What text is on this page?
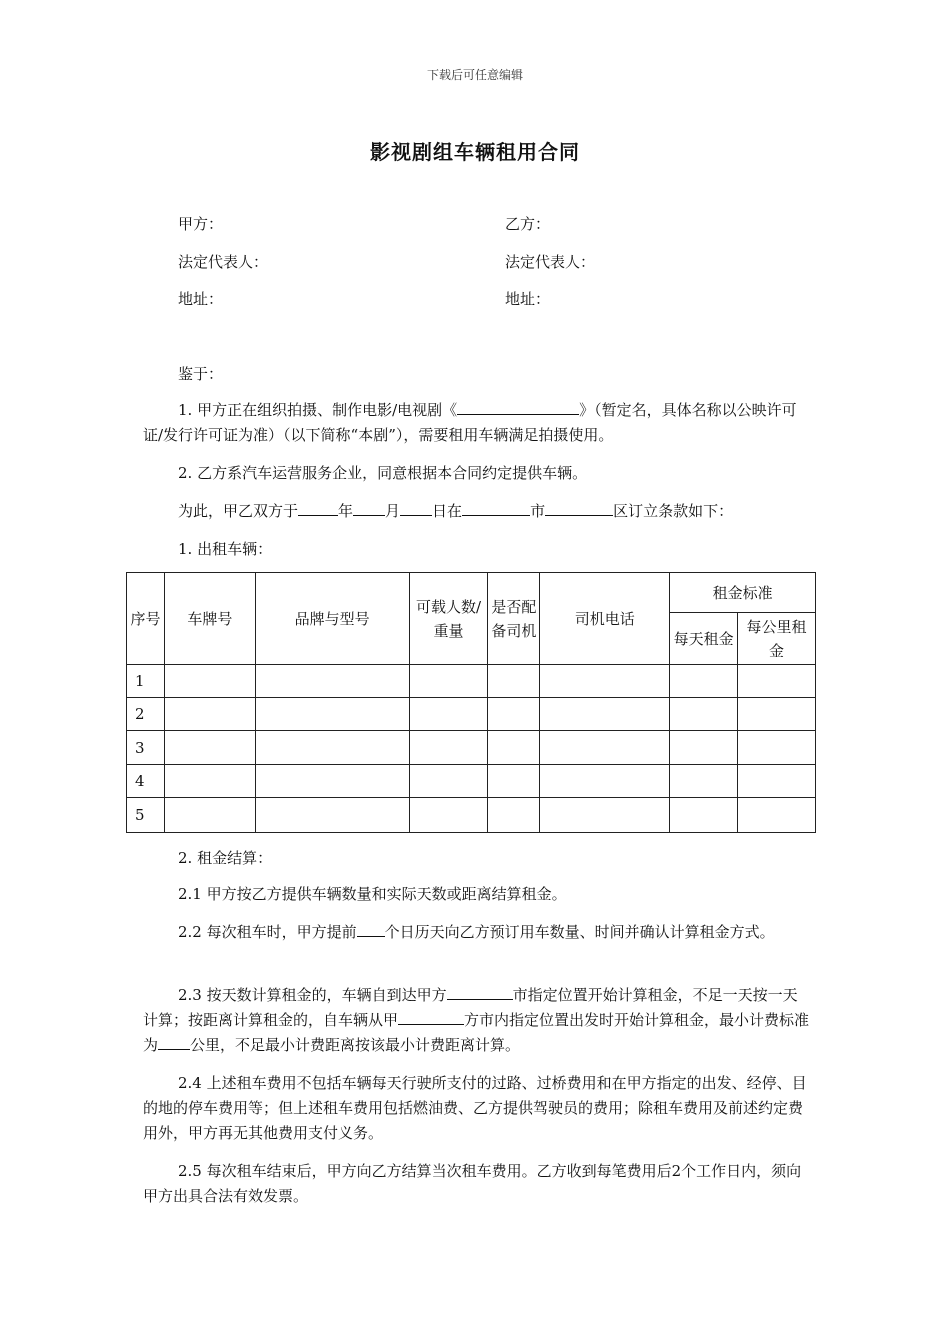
下载后可任意编辑
影视剧组车辆租用合同
甲方：	乙方：
法定代表人：	法定代表人：
地址：	地址：
鉴于：
1. 甲方正在组织拍摄、制作电影/电视剧《	》（暂定名，具体名称以公映许可证/发行许可证为准）（以下简称“本剧”），需要租用车辆满足拍摄使用。
2. 乙方系汽车运营服务企业，同意根据本合同约定提供车辆。
为此，甲乙双方于	年 月 日在	市	区订立条款如下：
1. 出租车辆：
序号	车牌号	品牌与型号	可载人数/重量	是否配备司机	司机电话	租金标准	
						每天租金	每公里租金
1							
2							
3							
4							
5							
2. 租金结算：
2.1 甲方按乙方提供车辆数量和实际天数或距离结算租金。
2.2 每次租车时，甲方提前 个日历天向乙方预订用车数量、时间并确认计算租金方式。
2.3 按天数计算租金的，车辆自到达甲方	市指定位置开始计算租金，不足一天按一天计算；按距离计算租金的，自车辆从甲	方市内指定位置出发时开始计算租金，最小计费标准为 公里，不足最小计费距离按该最小计费距离计算。
2.4 上述租车费用不包括车辆每天行驶所支付的过路、过桥费用和在甲方指定的出发、经停、目的地的停车费用等；但上述租车费用包括燃油费、乙方提供驾驶员的费用；除租车费用及前述约定费用外，甲方再无其他费用支付义务。
2.5 每次租车结束后，甲方向乙方结算当次租车费用。乙方收到每笔费用后2个工作日内，须向甲方出具合法有效发票。
